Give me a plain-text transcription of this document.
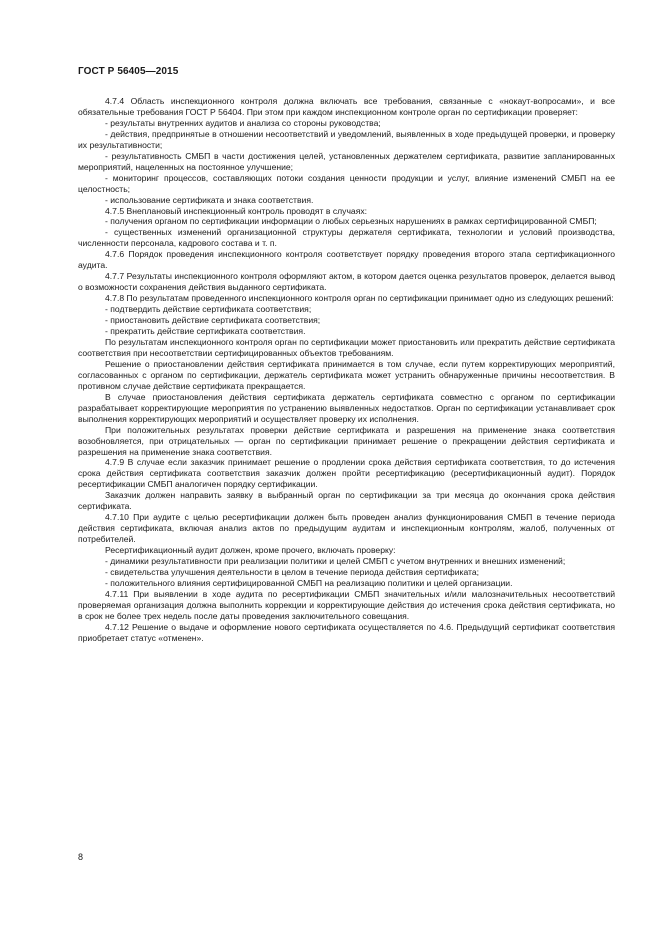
ГОСТ Р 56405—2015

4.7.4 Область инспекционного контроля должна включать все требования, связанные с «нокаут-вопросами», и все обязательные требования ГОСТ Р 56404. При этом при каждом инспекционном контроле орган по сертификации проверяет:

- результаты внутренних аудитов и анализа со стороны руководства;

- действия, предпринятые в отношении несоответствий и уведомлений, выявленных в ходе предыдущей проверки, и проверку их результативности;

- результативность СМБП в части достижения целей, установленных держателем сертификата, развитие запланированных мероприятий, нацеленных на постоянное улучшение;

- мониторинг процессов, составляющих потоки создания ценности продукции и услуг, влияние изменений СМБП на ее целостность;

- использование сертификата и знака соответствия.

4.7.5 Внеплановый инспекционный контроль проводят в случаях:

- получения органом по сертификации информации о любых серьезных нарушениях в рамках сертифицированной СМБП;

- существенных изменений организационной структуры держателя сертификата, технологии и условий производства, численности персонала, кадрового состава и т. п.

4.7.6 Порядок проведения инспекционного контроля соответствует порядку проведения второго этапа сертификационного аудита.

4.7.7 Результаты инспекционного контроля оформляют актом, в котором дается оценка результатов проверок, делается вывод о возможности сохранения действия выданного сертификата.

4.7.8 По результатам проведенного инспекционного контроля орган по сертификации принимает одно из следующих решений:

- подтвердить действие сертификата соответствия;

- приостановить действие сертификата соответствия;

- прекратить действие сертификата соответствия.

По результатам инспекционного контроля орган по сертификации может приостановить или прекратить действие сертификата соответствия при несоответствии сертифицированных объектов требованиям.

Решение о приостановлении действия сертификата принимается в том случае, если путем корректирующих мероприятий, согласованных с органом по сертификации, держатель сертификата может устранить обнаруженные причины несоответствия. В противном случае действие сертификата прекращается.

В случае приостановления действия сертификата держатель сертификата совместно с органом по сертификации разрабатывает корректирующие мероприятия по устранению выявленных недостатков. Орган по сертификации устанавливает срок выполнения корректирующих мероприятий и осуществляет проверку их исполнения.

При положительных результатах проверки действие сертификата и разрешения на применение знака соответствия возобновляется, при отрицательных — орган по сертификации принимает решение о прекращении действия сертификата и разрешения на применение знака соответствия.

4.7.9 В случае если заказчик принимает решение о продлении срока действия сертификата соответствия, то до истечения срока действия сертификата соответствия заказчик должен пройти ресертификацию (ресертификационный аудит). Порядок ресертификации СМБП аналогичен порядку сертификации.

Заказчик должен направить заявку в выбранный орган по сертификации за три месяца до окончания срока действия сертификата.

4.7.10 При аудите с целью ресертификации должен быть проведен анализ функционирования СМБП в течение периода действия сертификата, включая анализ актов по предыдущим аудитам и инспекционным контролям, жалоб, полученных от потребителей.

Ресертификационный аудит должен, кроме прочего, включать проверку:

- динамики результативности при реализации политики и целей СМБП с учетом внутренних и внешних изменений;

- свидетельства улучшения деятельности в целом в течение периода действия сертификата;

- положительного влияния сертифицированной СМБП на реализацию политики и целей организации.

4.7.11 При выявлении в ходе аудита по ресертификации СМБП значительных и/или малозначительных несоответствий проверяемая организация должна выполнить коррекции и корректирующие действия до истечения срока действия сертификата, но в срок не более трех недель после даты проведения заключительного совещания.

4.7.12 Решение о выдаче и оформление нового сертификата осуществляется по 4.6. Предыдущий сертификат соответствия приобретает статус «отменен».

8
